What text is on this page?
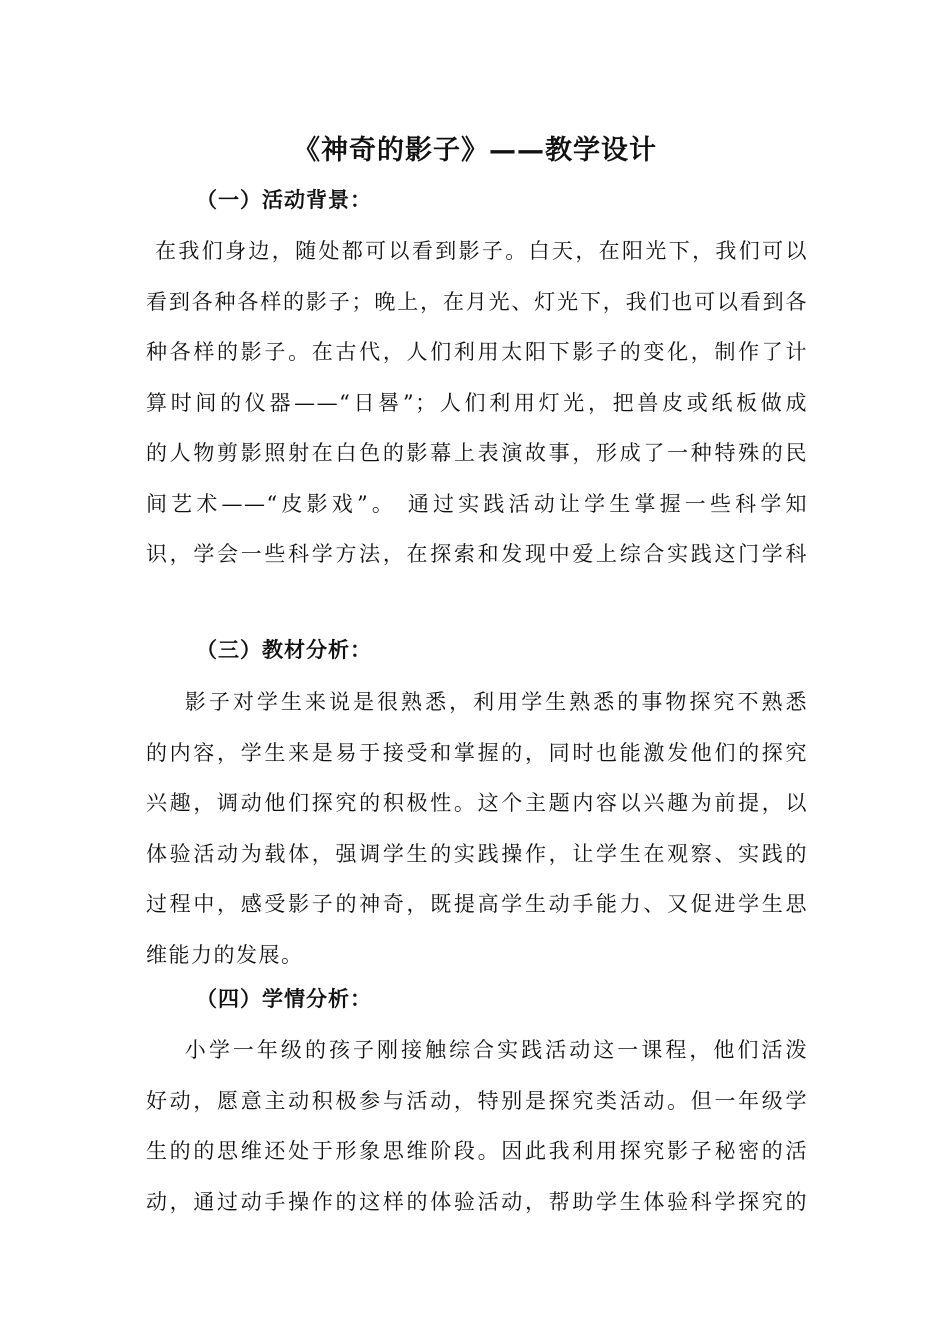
《神奇的影子》——教学设计
（一）活动背景：
在我们身边，随处都可以看到影子。白天，在阳光下，我们可以
看到各种各样的影子；晚上，在月光、灯光下，我们也可以看到各
种各样的影子。在古代，人们利用太阳下影子的变化，制作了计
算时间的仪器——“日晷”；人们利用灯光，把兽皮或纸板做成
的人物剪影照射在白色的影幕上表演故事，形成了一种特殊的民
间艺术——“皮影戏”。 通过实践活动让学生掌握一些科学知
识，学会一些科学方法，在探索和发现中爱上综合实践这门学科
（三）教材分析：
影子对学生来说是很熟悉，利用学生熟悉的事物探究不熟悉
的内容，学生来是易于接受和掌握的，同时也能激发他们的探究
兴趣，调动他们探究的积极性。这个主题内容以兴趣为前提，以
体验活动为载体，强调学生的实践操作，让学生在观察、实践的
过程中，感受影子的神奇，既提高学生动手能力、又促进学生思
维能力的发展。
（四）学情分析：
小学一年级的孩子刚接触综合实践活动这一课程，他们活泼
好动，愿意主动积极参与活动，特别是探究类活动。但一年级学
生的的思维还处于形象思维阶段。因此我利用探究影子秘密的活
动，通过动手操作的这样的体验活动，帮助学生体验科学探究的
